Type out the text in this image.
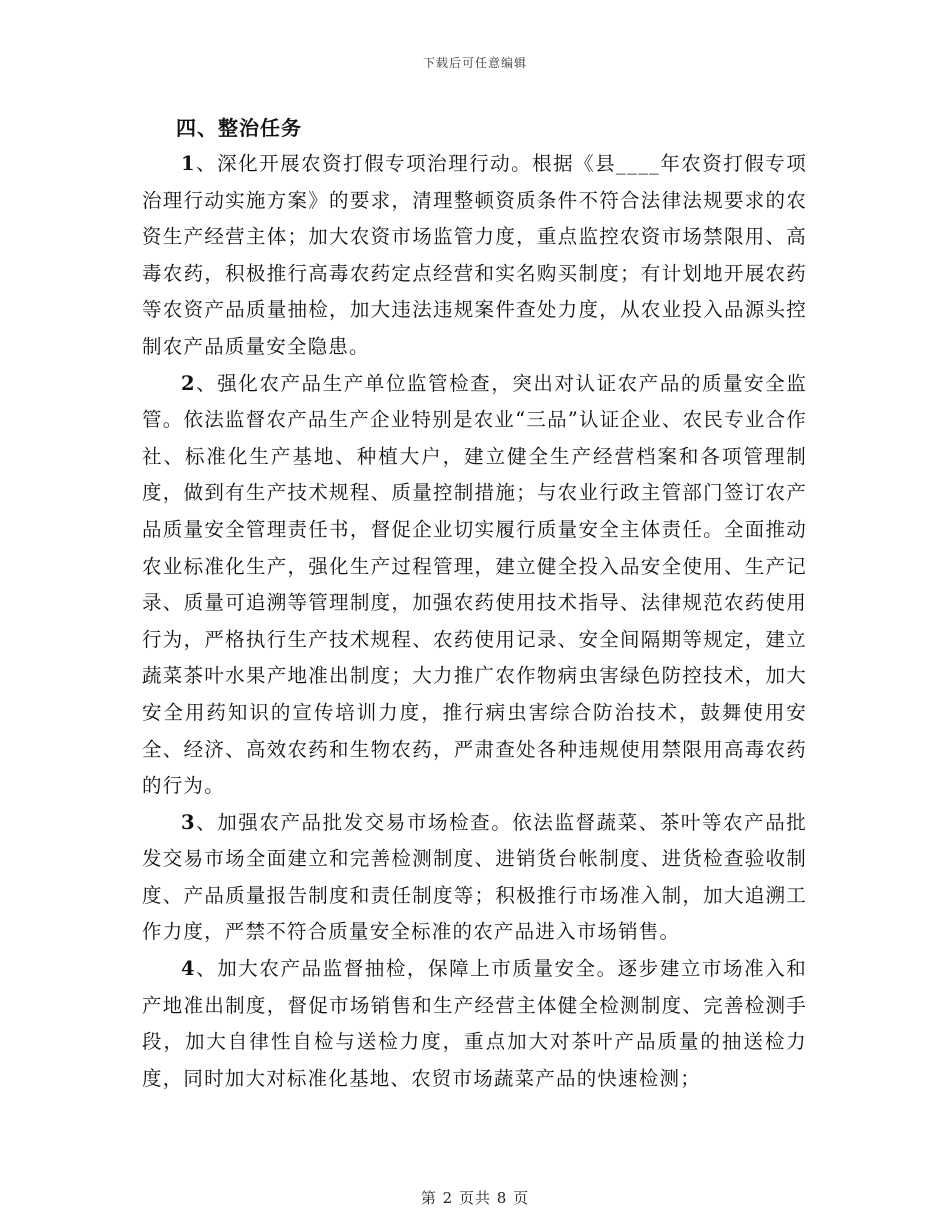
下载后可任意编辑
四、整治任务

1、深化开展农资打假专项治理行动。根据《县____年农资打假专项治理行动实施方案》的要求，清理整顿资质条件不符合法律法规要求的农资生产经营主体；加大农资市场监管力度，重点监控农资市场禁限用、高毒农药，积极推行高毒农药定点经营和实名购买制度；有计划地开展农药等农资产品质量抽检，加大违法违规案件查处力度，从农业投入品源头控制农产品质量安全隐患。

2、强化农产品生产单位监管检查，突出对认证农产品的质量安全监管。依法监督农产品生产企业特别是农业“三品”认证企业、农民专业合作社、标准化生产基地、种植大户，建立健全生产经营档案和各项管理制度，做到有生产技术规程、质量控制措施；与农业行政主管部门签订农产品质量安全管理责任书，督促企业切实履行质量安全主体责任。全面推动农业标准化生产，强化生产过程管理，建立健全投入品安全使用、生产记录、质量可追溯等管理制度，加强农药使用技术指导、法律规范农药使用行为，严格执行生产技术规程、农药使用记录、安全间隔期等规定，建立蔬菜茶叶水果产地准出制度；大力推广农作物病虫害绿色防控技术，加大安全用药知识的宣传培训力度，推行病虫害综合防治技术，鼓舞使用安全、经济、高效农药和生物农药，严肃查处各种违规使用禁限用高毒农药的行为。

3、加强农产品批发交易市场检查。依法监督蔬菜、茶叶等农产品批发交易市场全面建立和完善检测制度、进销货台帐制度、进货检查验收制度、产品质量报告制度和责任制度等；积极推行市场准入制，加大追溯工作力度，严禁不符合质量安全标准的农产品进入市场销售。

4、加大农产品监督抽检，保障上市质量安全。逐步建立市场准入和产地准出制度，督促市场销售和生产经营主体健全检测制度、完善检测手段，加大自律性自检与送检力度，重点加大对茶叶产品质量的抽送检力度，同时加大对标准化基地、农贸市场蔬菜产品的快速检测；

第 2 页共 8 页
